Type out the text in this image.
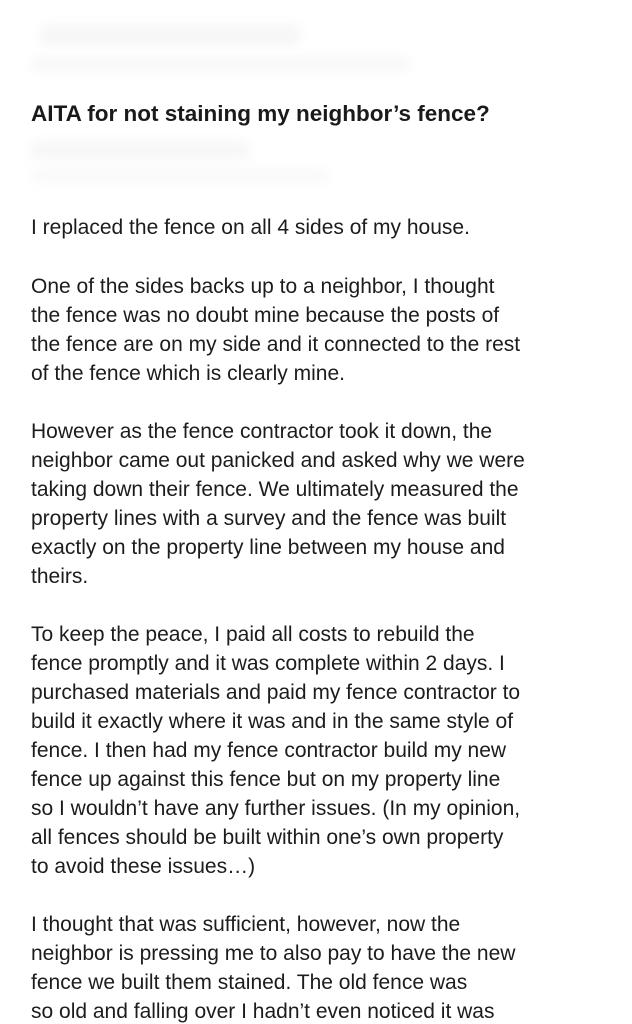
AITA for not staining my neighbor’s fence?

I replaced the fence on all 4 sides of my house.

One of the sides backs up to a neighbor, I thought
the fence was no doubt mine because the posts of
the fence are on my side and it connected to the rest
of the fence which is clearly mine.

However as the fence contractor took it down, the
neighbor came out panicked and asked why we were
taking down their fence. We ultimately measured the
property lines with a survey and the fence was built
exactly on the property line between my house and
theirs.

To keep the peace, I paid all costs to rebuild the
fence promptly and it was complete within 2 days. I
purchased materials and paid my fence contractor to
build it exactly where it was and in the same style of
fence. I then had my fence contractor build my new
fence up against this fence but on my property line
so I wouldn’t have any further issues. (In my opinion,
all fences should be built within one’s own property
to avoid these issues…)

I thought that was sufficient, however, now the
neighbor is pressing me to also pay to have the new
fence we built them stained. The old fence was
so old and falling over I hadn’t even noticed it was
